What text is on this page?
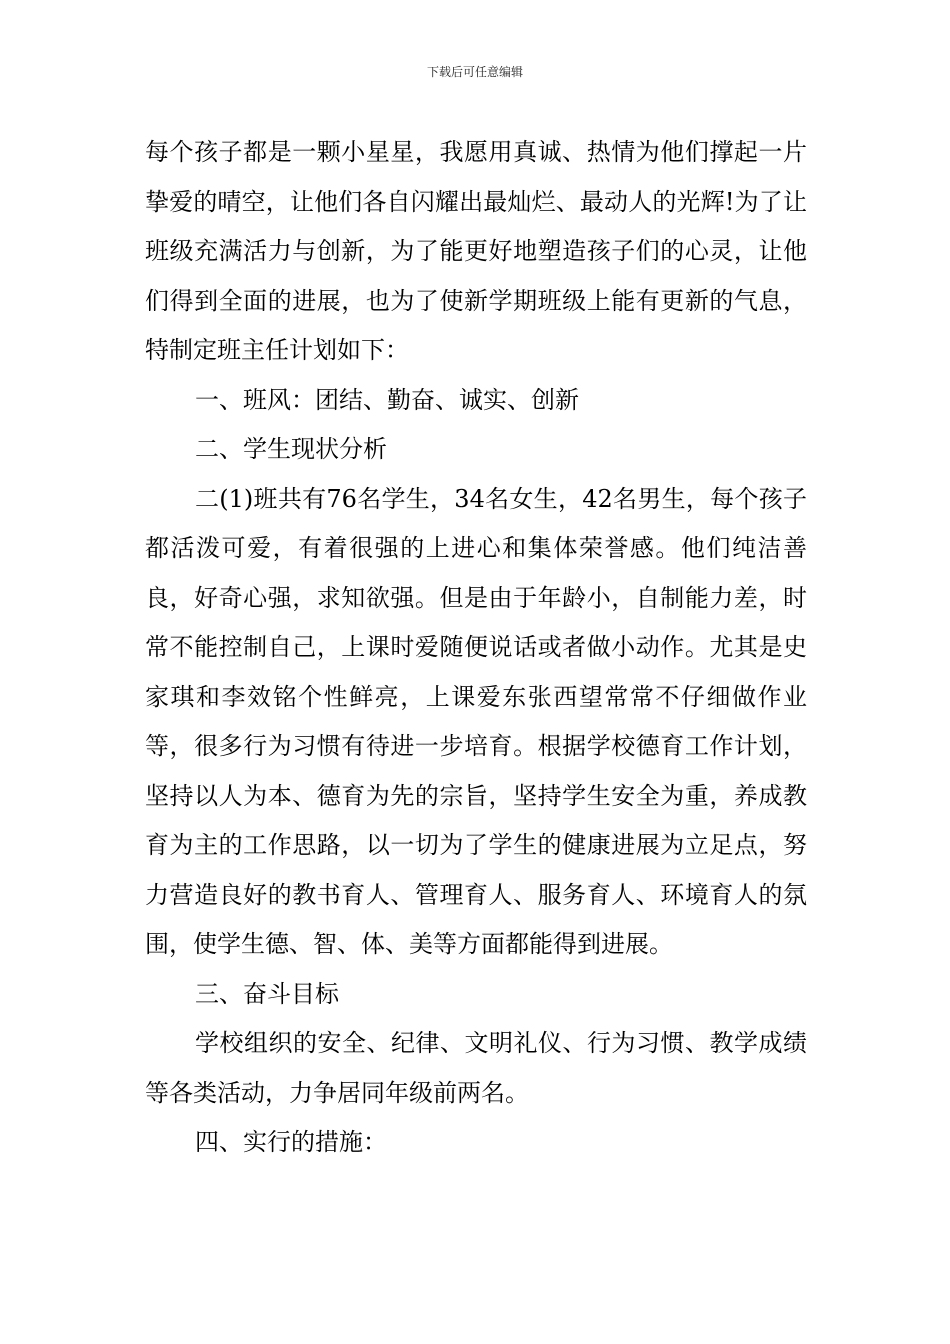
下载后可任意编辑

每个孩子都是一颗小星星，我愿用真诚、热情为他们撑起一片挚爱的晴空，让他们各自闪耀出最灿烂、最动人的光辉!为了让班级充满活力与创新，为了能更好地塑造孩子们的心灵，让他们得到全面的进展，也为了使新学期班级上能有更新的气息，特制定班主任计划如下：

一、班风：团结、勤奋、诚实、创新

二、学生现状分析

二(1)班共有76名学生，34名女生，42名男生，每个孩子都活泼可爱，有着很强的上进心和集体荣誉感。他们纯洁善良，好奇心强，求知欲强。但是由于年龄小，自制能力差，时常不能控制自己，上课时爱随便说话或者做小动作。尤其是史家琪和李效铭个性鲜亮，上课爱东张西望常常不仔细做作业等，很多行为习惯有待进一步培育。根据学校德育工作计划，坚持以人为本、德育为先的宗旨，坚持学生安全为重，养成教育为主的工作思路，以一切为了学生的健康进展为立足点，努力营造良好的教书育人、管理育人、服务育人、环境育人的氛围，使学生德、智、体、美等方面都能得到进展。

三、奋斗目标

学校组织的安全、纪律、文明礼仪、行为习惯、教学成绩等各类活动，力争居同年级前两名。

四、实行的措施：
